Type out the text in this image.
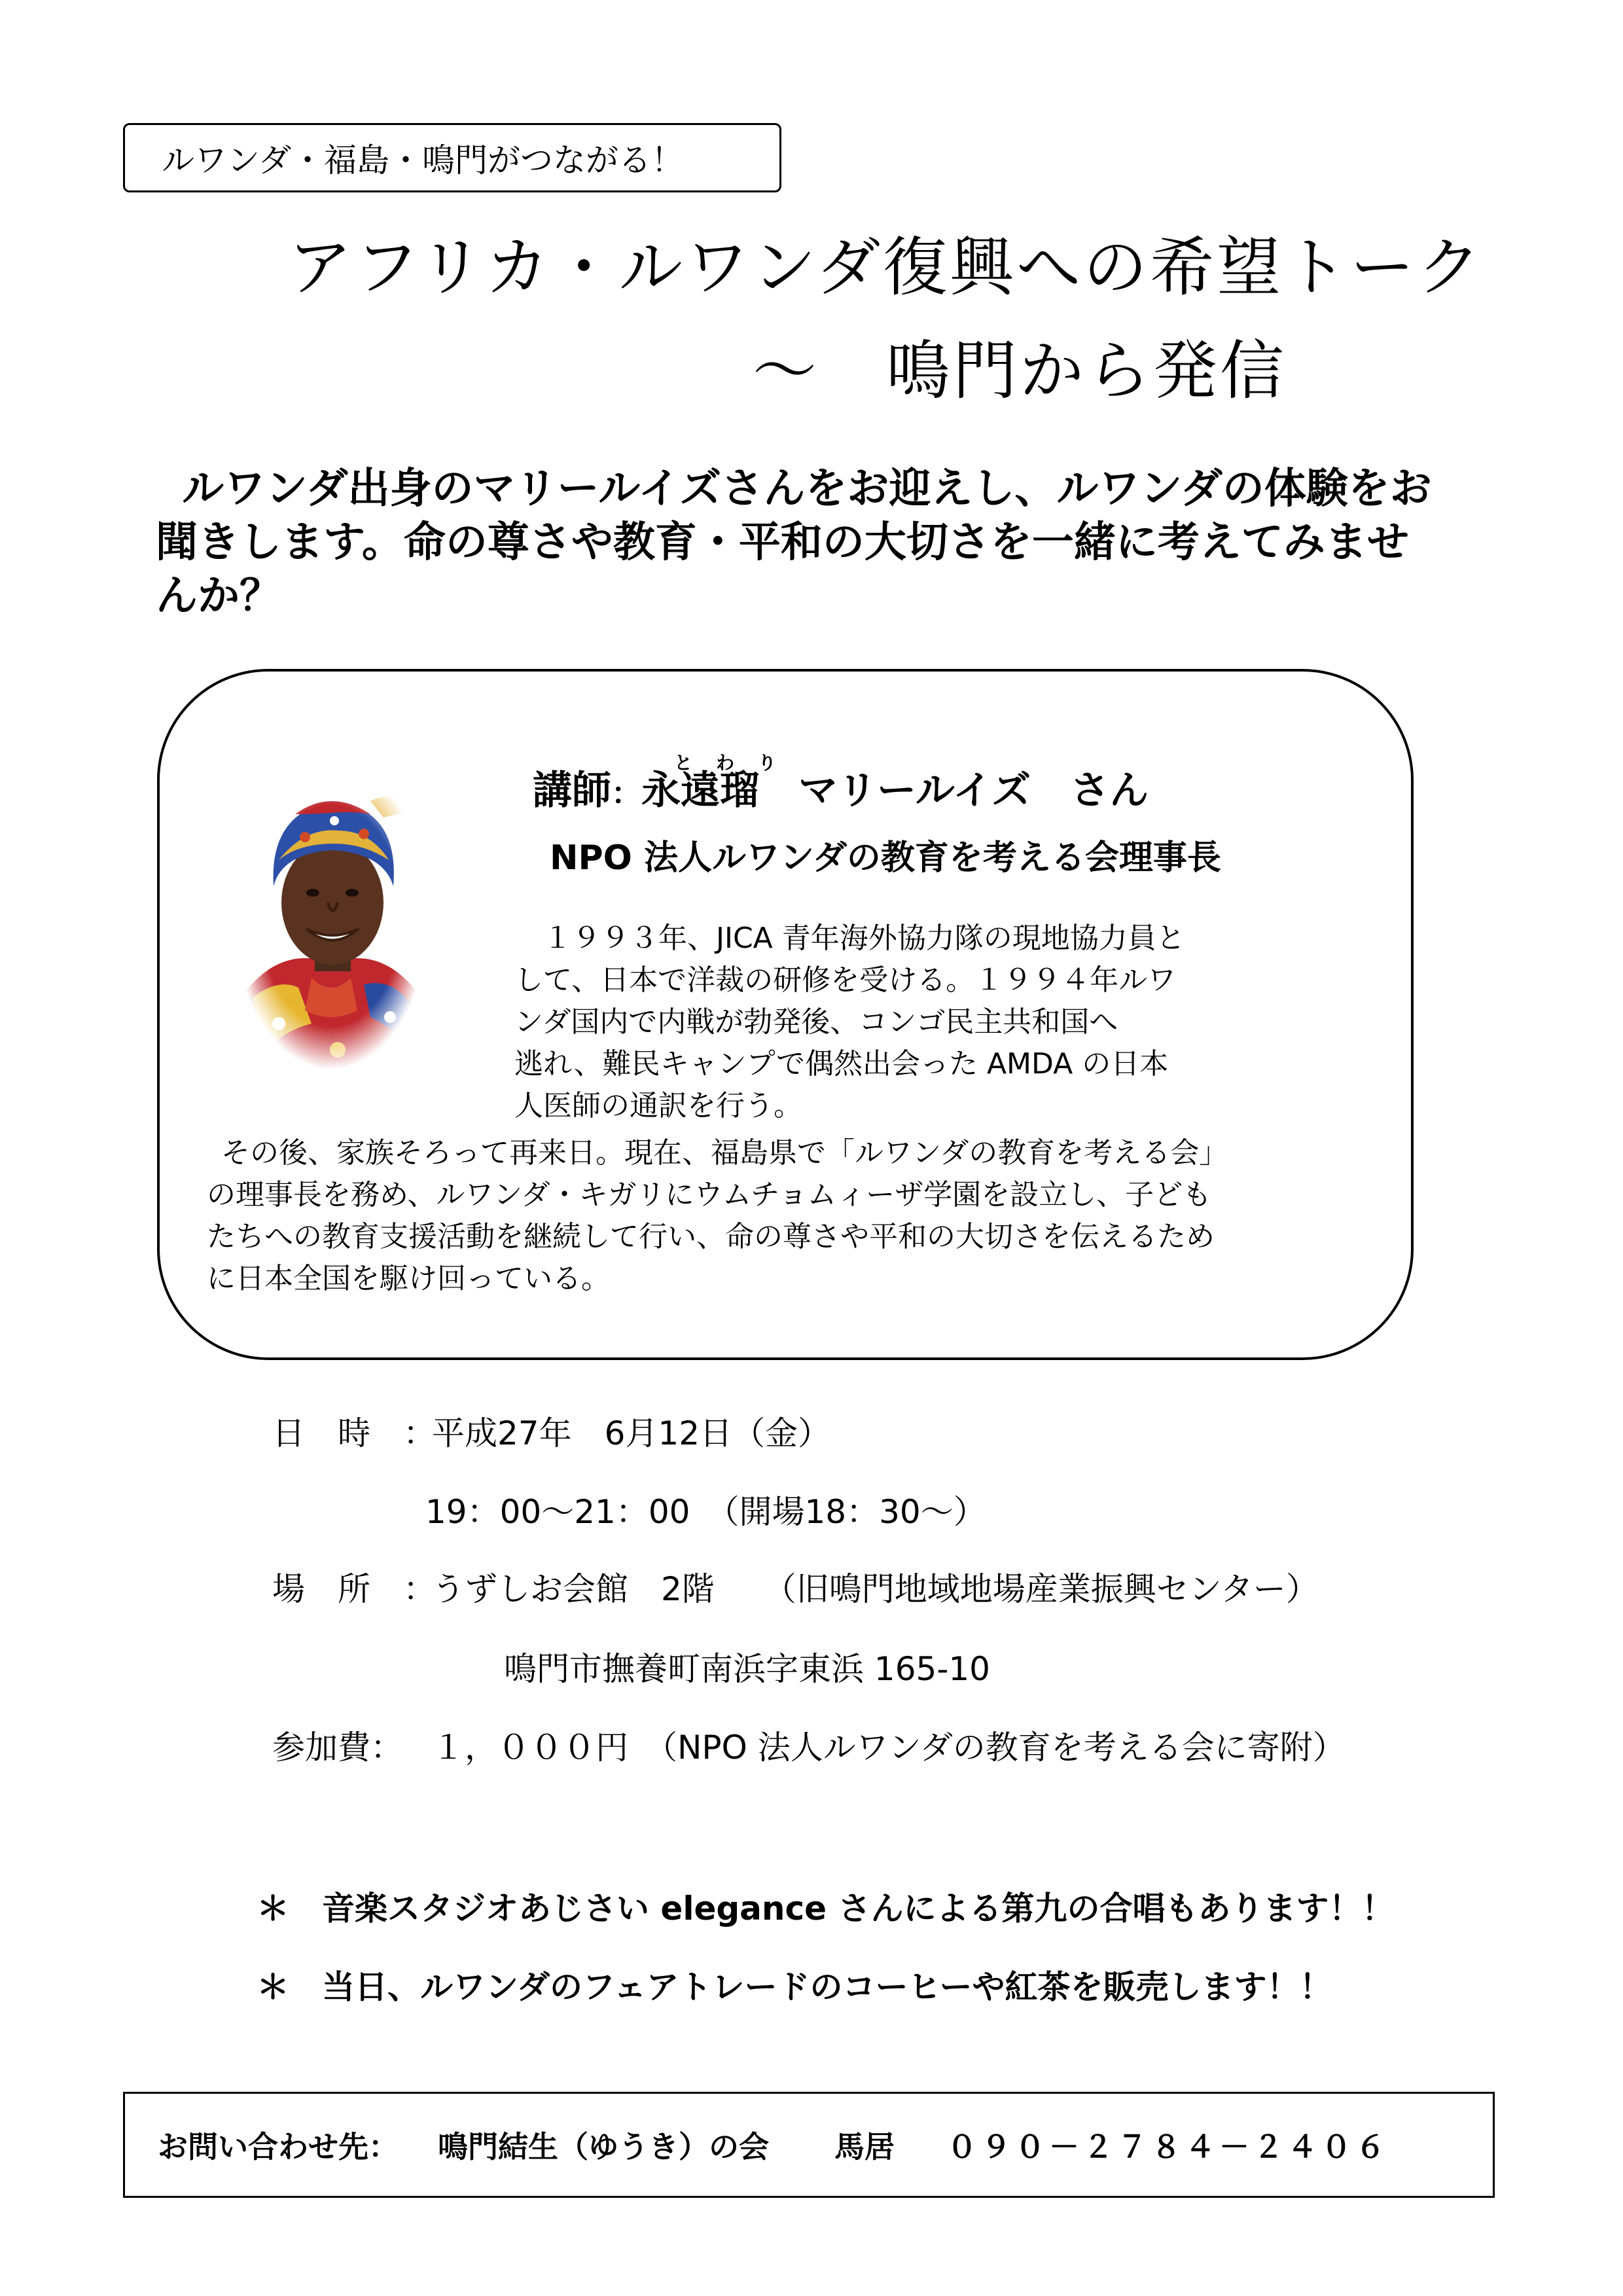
ルワンダ・福島・鳴門がつながる！
アフリカ・ルワンダ復興への希望トーク
～　鳴門から発信
ルワンダ出身のマリールイズさんをお迎えし、ルワンダの体験をお
聞きします。命の尊さや教育・平和の大切さを一緒に考えてみませ
んか？
とわり
講師：永遠瑠　マリールイズ　さん
NPO 法人ルワンダの教育を考える会理事長
　１９９３年、JICA 青年海外協力隊の現地協力員と
して、日本で洋裁の研修を受ける。１９９４年ルワ
ンダ国内で内戦が勃発後、コンゴ民主共和国へ
逃れ、難民キャンプで偶然出会った AMDA の日本
人医師の通訳を行う。
その後、家族そろって再来日。現在、福島県で「ルワンダの教育を考える会」
の理事長を務め、ルワンダ・キガリにウムチョムィーザ学園を設立し、子ども
たちへの教育支援活動を継続して行い、命の尊さや平和の大切さを伝えるため
に日本全国を駆け回っている。
日　時　：
平成27年　6月12日（金）
19：00～21：00　（開場18：30～）
場　所　：
うずしお会館　2階　　（旧鳴門地域地場産業振興センター）
鳴門市撫養町南浜字東浜 165-10
参加費： １，０００円　（NPO 法人ルワンダの教育を考える会に寄附）
＊　音楽スタジオあじさい elegance さんによる第九の合唱もあります！！
＊　当日、ルワンダのフェアトレードのコーヒーや紅茶を販売します！！
お問い合わせ先： 鳴門結生（ゆうき）の会 馬居 ０９０－２７８４－２４０６
